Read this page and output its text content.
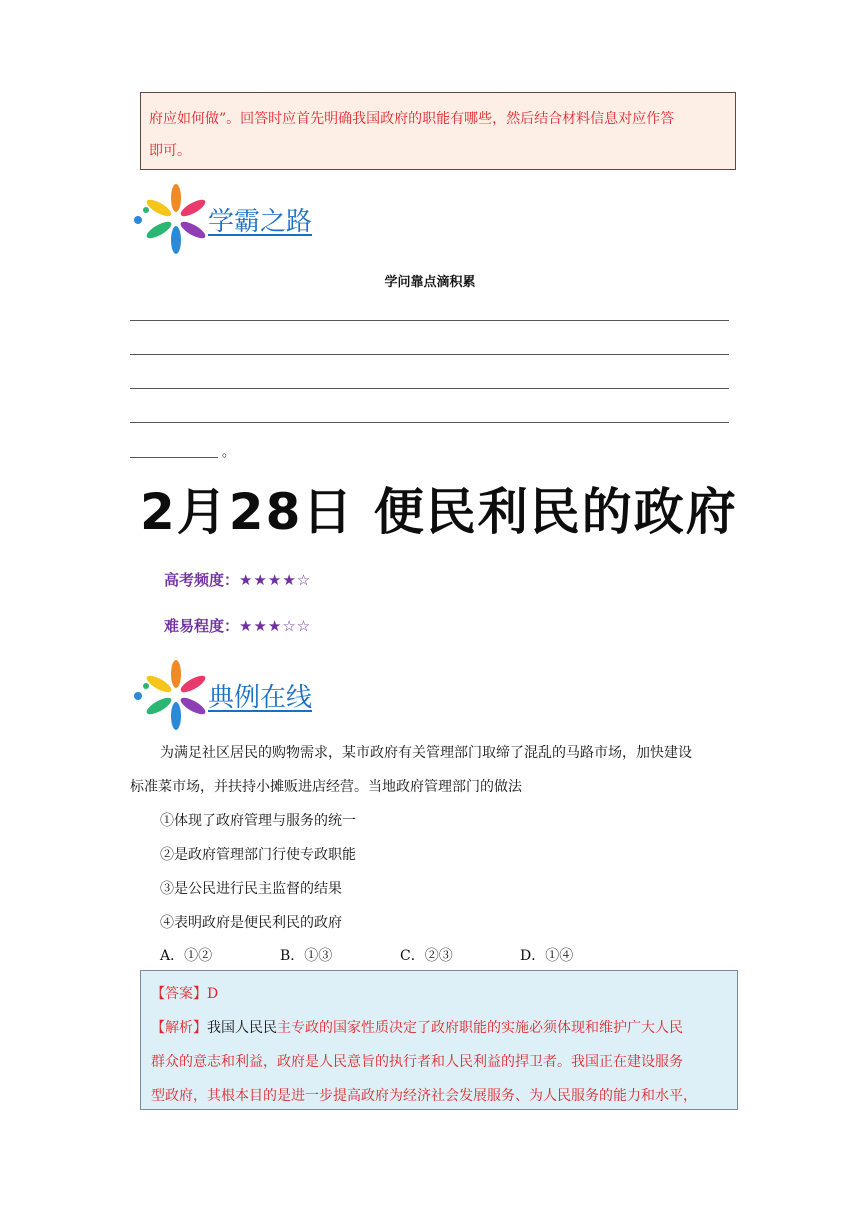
府应如何做”。回答时应首先明确我国政府的职能有哪些，然后结合材料信息对应作答
即可。
学霸之路
学问靠点滴积累
。
2月28日 便民利民的政府
高考频度：★★★★☆
难易程度：★★★☆☆
典例在线
为满足社区居民的购物需求，某市政府有关管理部门取缔了混乱的马路市场，加快建设
标准菜市场，并扶持小摊贩进店经营。当地政府管理部门的做法
①体现了政府管理与服务的统一
②是政府管理部门行使专政职能
③是公民进行民主监督的结果
④表明政府是便民利民的政府
A．①②	B．①③	C．②③	D．①④
【答案】D
【解析】我国人民民主专政的国家性质决定了政府职能的实施必须体现和维护广大人民
群众的意志和利益，政府是人民意旨的执行者和人民利益的捍卫者。我国正在建设服务
型政府，其根本目的是进一步提高政府为经济社会发展服务、为人民服务的能力和水平，
